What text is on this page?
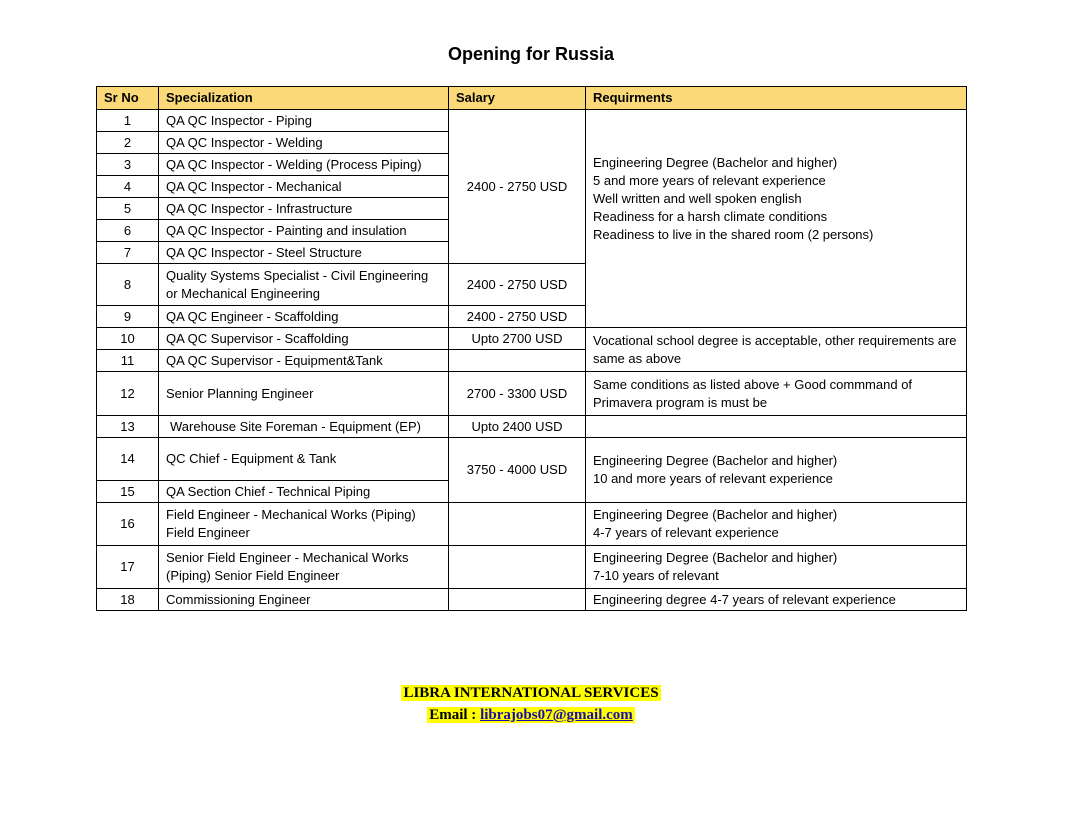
Opening for Russia
Sr No	Specialization	Salary	Requirments
1	QA QC Inspector - Piping	2400 - 2750 USD	Engineering Degree (Bachelor and higher)
5 and more years of relevant experience
Well written and well spoken english
Readiness for a harsh climate conditions
Readiness to live in the shared room (2 persons)

2	QA QC Inspector - Welding		
3	QA QC Inspector - Welding (Process Piping)		
4	QA QC Inspector - Mechanical		
5	QA QC Inspector - Infrastructure		
6	QA QC Inspector - Painting and insulation		
7	QA QC Inspector - Steel Structure		
8	Quality Systems Specialist - Civil Engineering or Mechanical Engineering	2400 - 2750 USD	
9	QA QC Engineer - Scaffolding	2400 - 2750 USD	
10	QA QC Supervisor - Scaffolding	Upto 2700 USD	Vocational school degree is acceptable, other requirements are same as above
11	QA QC Supervisor - Equipment&Tank		
12	Senior Planning Engineer	2700 - 3300 USD	Same conditions as listed above + Good commmand of Primavera program is must be
13	Warehouse Site Foreman - Equipment (EP)	Upto 2400 USD	
14	QC Chief - Equipment & Tank	3750 - 4000 USD	Engineering Degree (Bachelor and higher)
10 and more years of relevant experience

15	QA Section Chief - Technical Piping		
16	Field Engineer - Mechanical Works (Piping) Field Engineer		Engineering Degree (Bachelor and higher)
4-7 years of relevant experience

17	Senior Field Engineer - Mechanical Works (Piping) Senior Field Engineer		Engineering Degree (Bachelor and higher)
7-10 years of relevant

18	Commissioning Engineer		Engineering degree 4-7 years of relevant experience
LIBRA INTERNATIONAL SERVICES
Email : librajobs07@gmail.com
